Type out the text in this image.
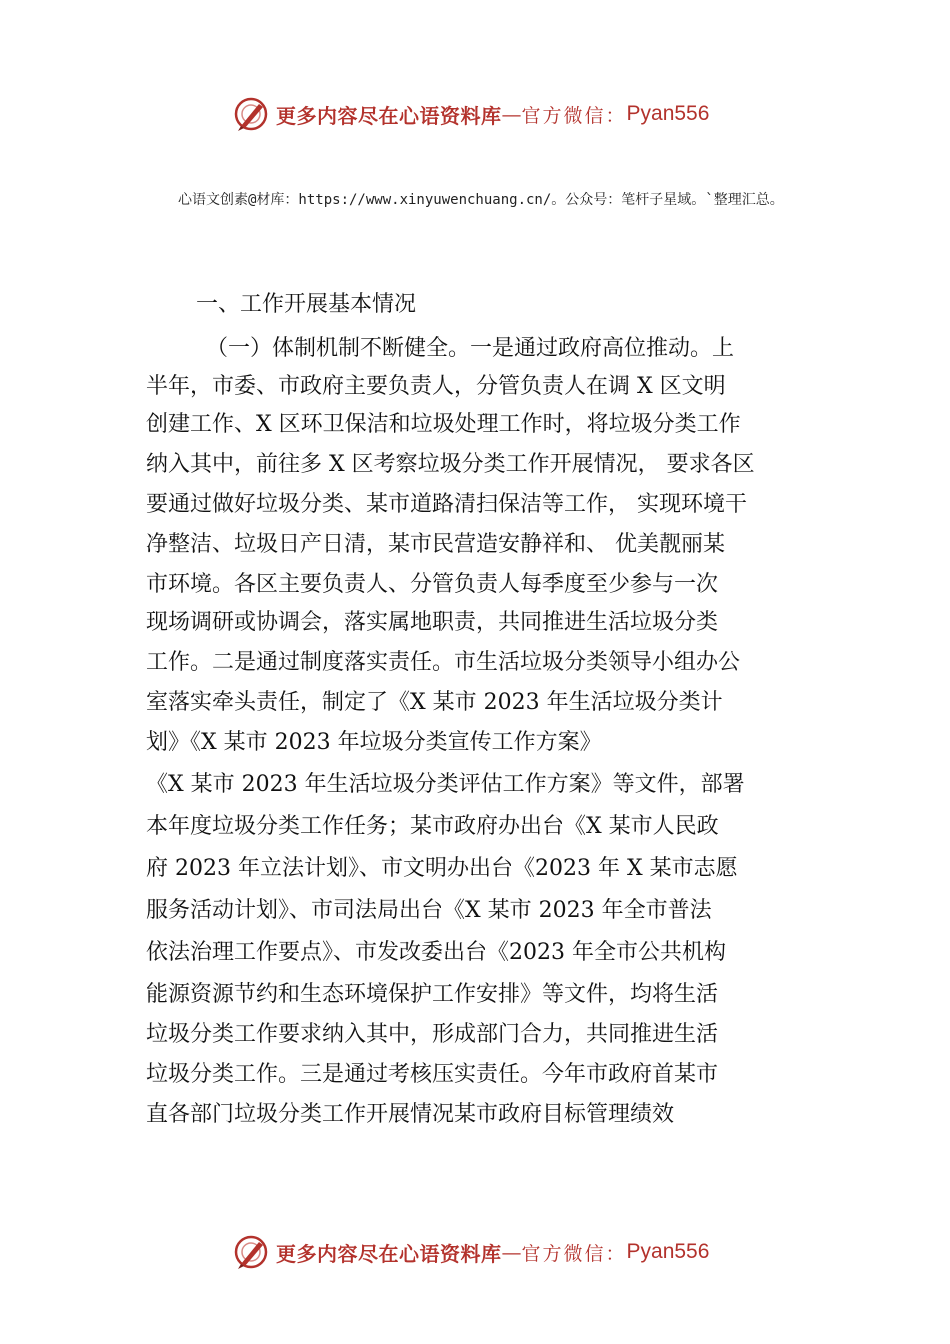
更多内容尽在心语资料库 — 官方微信： Pyan556
心语文创素@材库：https://www.xinyuwenchuang.cn/。公众号：笔杆子星域。`整理汇总。
一、工作开展基本情况

（一）体制机制不断健全。一是通过政府高位推动。上

半年，市委、市政府主要负责人，分管负责人在调 X 区文明

创建工作、X 区环卫保洁和垃圾处理工作时，将垃圾分类工作

纳入其中，前往多 X 区考察垃圾分类工作开展情况， 要求各区

要通过做好垃圾分类、某市道路清扫保洁等工作， 实现环境干

净整洁、垃圾日产日清，某市民营造安静祥和、 优美靓丽某

市环境。各区主要负责人、分管负责人每季度至少参与一次

现场调研或协调会，落实属地职责，共同推进生活垃圾分类

工作。二是通过制度落实责任。市生活垃圾分类领导小组办公

室落实牵头责任，制定了《X 某市 2023 年生活垃圾分类计

划》《X 某市 2023 年垃圾分类宣传工作方案》

《X 某市 2023 年生活垃圾分类评估工作方案》等文件，部署

本年度垃圾分类工作任务；某市政府办出台《X 某市人民政

府 2023 年立法计划》、市文明办出台《2023 年 X 某市志愿

服务活动计划》、市司法局出台《X 某市 2023 年全市普法

依法治理工作要点》、市发改委出台《2023 年全市公共机构

能源资源节约和生态环境保护工作安排》等文件，均将生活

垃圾分类工作要求纳入其中，形成部门合力，共同推进生活

垃圾分类工作。三是通过考核压实责任。今年市政府首某市

直各部门垃圾分类工作开展情况某市政府目标管理绩效

更多内容尽在心语资料库 — 官方微信： Pyan556
